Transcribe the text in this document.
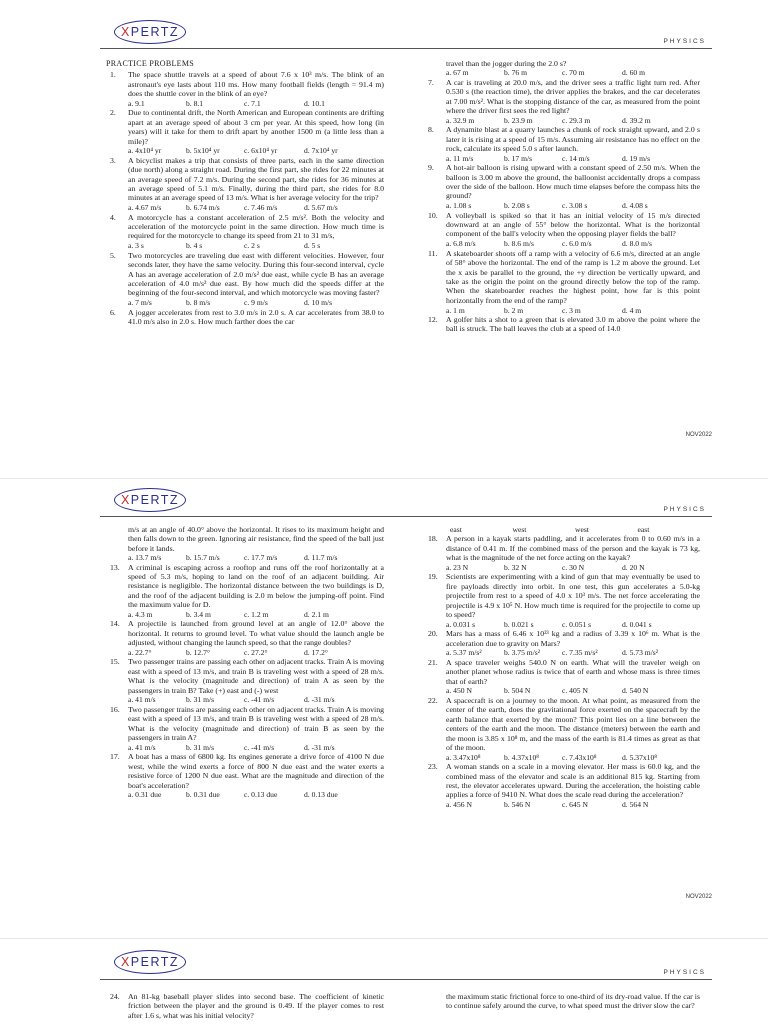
X PERTZ
PHYSICS
PRACTICE PROBLEMS
1. The space shuttle travels at a speed of about 7.6 x 10³ m/s. The blink of an astronaut's eye lasts about 110 ms. How many football fields (length = 91.4 m) does the shuttle cover in the blink of an eye?
a. 9.1	b. 8.1	c. 7.1	d. 10.1
2. Due to continental drift, the North American and European continents are drifting apart at an average speed of about 3 cm per year. At this speed, how long (in years) will it take for them to drift apart by another 1500 m (a little less than a mile)?
a. 4x10⁴ yr	b. 5x10⁴ yr	c. 6x10⁴ yr	d. 7x10⁴ yr
3. A bicyclist makes a trip that consists of three parts, each in the same direction (due north) along a straight road. During the first part, she rides for 22 minutes at an average speed of 7.2 m/s. During the second part, she rides for 36 minutes at an average speed of 5.1 m/s. Finally, during the third part, she rides for 8.0 minutes at an average speed of 13 m/s. What is her average velocity for the trip?
a. 4.67 m/s	b. 6.74 m/s	c. 7.46 m/s	d. 5.67 m/s
4. A motorcycle has a constant acceleration of 2.5 m/s². Both the velocity and acceleration of the motorcycle point in the same direction. How much time is required for the motorcycle to change its speed from 21 to 31 m/s,
a. 3 s	b. 4 s	c. 2 s	d. 5 s
5. Two motorcycles are traveling due east with different velocities. However, four seconds later, they have the same velocity. During this four-second interval, cycle A has an average acceleration of 2.0 m/s² due east, while cycle B has an average acceleration of 4.0 m/s² due east. By how much did the speeds differ at the beginning of the four-second interval, and which motorcycle was moving faster?
a. 7 m/s	b. 8 m/s	c. 9 m/s	d. 10 m/s
6. A jogger accelerates from rest to 3.0 m/s in 2.0 s. A car accelerates from 38.0 to 41.0 m/s also in 2.0 s. How much farther does the car
travel than the jogger during the 2.0 s?
a. 67 m	b. 76 m	c. 70 m	d. 60 m
7. A car is traveling at 20.0 m/s, and the driver sees a traffic light turn red. After 0.530 s (the reaction time), the driver applies the brakes, and the car decelerates at 7.00 m/s². What is the stopping distance of the car, as measured from the point where the driver first sees the red light?
a. 32.9 m	b. 23.9 m	c. 29.3 m	d. 39.2 m
8. A dynamite blast at a quarry launches a chunk of rock straight upward, and 2.0 s later it is rising at a speed of 15 m/s. Assuming air resistance has no effect on the rock, calculate its speed 5.0 s after launch.
a. 11 m/s	b. 17 m/s	c. 14 m/s	d. 19 m/s
9. A hot-air balloon is rising upward with a constant speed of 2.50 m/s. When the balloon is 3.00 m above the ground, the balloonist accidentally drops a compass over the side of the balloon. How much time elapses before the compass hits the ground?
a. 1.08 s	b. 2.08 s	c. 3.08 s	d. 4.08 s
10. A volleyball is spiked so that it has an initial velocity of 15 m/s directed downward at an angle of 55° below the horizontal. What is the horizontal component of the ball's velocity when the opposing player fields the ball?
a. 6.8 m/s	b. 8.6 m/s	c. 6.0 m/s	d. 8.0 m/s
11. A skateboarder shoots off a ramp with a velocity of 6.6 m/s, directed at an angle of 58° above the horizontal. The end of the ramp is 1.2 m above the ground. Let the x axis be parallel to the ground, the +y direction be vertically upward, and take as the origin the point on the ground directly below the top of the ramp. When the skateboarder reaches the highest point, how far is this point horizontally from the end of the ramp?
a. 1 m	b. 2 m	c. 3 m	d. 4 m
12. A golfer hits a shot to a green that is elevated 3.0 m above the point where the ball is struck. The ball leaves the club at a speed of 14.0
NOV2022
X PERTZ
PHYSICS
m/s at an angle of 40.0° above the horizontal. It rises to its maximum height and then falls down to the green. Ignoring air resistance, find the speed of the ball just before it lands.
a. 13.7 m/s	b. 15.7 m/s	c. 17.7 m/s	d. 11.7 m/s
13. A criminal is escaping across a rooftop and runs off the roof horizontally at a speed of 5.3 m/s, hoping to land on the roof of an adjacent building. Air resistance is negligible. The horizontal distance between the two buildings is D, and the roof of the adjacent building is 2.0 m below the jumping-off point. Find the maximum value for D.
a. 4.3 m	b. 3.4 m	c. 1.2 m	d. 2.1 m
14. A projectile is launched from ground level at an angle of 12.0° above the horizontal. It returns to ground level. To what value should the launch angle be adjusted, without changing the launch speed, so that the range doubles?
a. 22.7°	b. 12.7°	c. 27.2°	d. 17.2°
15. Two passenger trains are passing each other on adjacent tracks. Train A is moving east with a speed of 13 m/s, and train B is traveling west with a speed of 28 m/s. What is the velocity (magnitude and direction) of train A as seen by the passengers in train B? Take (+) east and (-) west
a. 41 m/s	b. 31 m/s	c. -41 m/s	d. -31 m/s
16. Two passenger trains are passing each other on adjacent tracks. Train A is moving east with a speed of 13 m/s, and train B is traveling west with a speed of 28 m/s. What is the velocity (magnitude and direction) of train B as seen by the passengers in train A?
a. 41 m/s	b. 31 m/s	c. -41 m/s	d. -31 m/s
17. A boat has a mass of 6800 kg. Its engines generate a drive force of 4100 N due west, while the wind exerts a force of 800 N due east and the water exerts a resistive force of 1200 N due east. What are the magnitude and direction of the boat's acceleration?
a. 0.31 due	b. 0.31 due	c. 0.13 due	d. 0.13 due
east	west	west	east
18. A person in a kayak starts paddling, and it accelerates from 0 to 0.60 m/s in a distance of 0.41 m. If the combined mass of the person and the kayak is 73 kg, what is the magnitude of the net force acting on the kayak?
a. 23 N	b. 32 N	c. 30 N	d. 20 N
19. Scientists are experimenting with a kind of gun that may eventually be used to fire payloads directly into orbit. In one test, this gun accelerates a 5.0-kg projectile from rest to a speed of 4.0 x 10³ m/s. The net force accelerating the projectile is 4.9 x 10⁵ N. How much time is required for the projectile to come up to speed?
a. 0.031 s	b. 0.021 s	c. 0.051 s	d. 0.041 s
20. Mars has a mass of 6.46 x 10²³ kg and a radius of 3.39 x 10⁶ m. What is the acceleration due to gravity on Mars?
a. 5.37 m/s²	b. 3.75 m/s²	c. 7.35 m/s²	d. 5.73 m/s²
21. A space traveler weighs 540.0 N on earth. What will the traveler weigh on another planet whose radius is twice that of earth and whose mass is three times that of earth?
a. 450 N	b. 504 N	c. 405 N	d. 540 N
22. A spacecraft is on a journey to the moon. At what point, as measured from the center of the earth, does the gravitational force exerted on the spacecraft by the earth balance that exerted by the moon? This point lies on a line between the centers of the earth and the moon. The distance (meters) between the earth and the moon is 3.85 x 10⁸ m, and the mass of the earth is 81.4 times as great as that of the moon.
a. 3.47x10⁸	b. 4.37x10⁸	c. 7.43x10⁸	d. 5.37x10⁸
23. A woman stands on a scale in a moving elevator. Her mass is 60.0 kg, and the combined mass of the elevator and scale is an additional 815 kg. Starting from rest, the elevator accelerates upward. During the acceleration, the hoisting cable applies a force of 9410 N. What does the scale read during the acceleration?
a. 456 N	b. 546 N	c. 645 N	d. 564 N
NOV2022
X PERTZ
PHYSICS
24. An 81-kg baseball player slides into second base. The coefficient of kinetic friction between the player and the ground is 0.49. If the player comes to rest after 1.6 s, what was his initial velocity?
the maximum static frictional force to one-third of its dry-road value. If the car is to continue safely around the curve, to what speed must the driver slow the car?
